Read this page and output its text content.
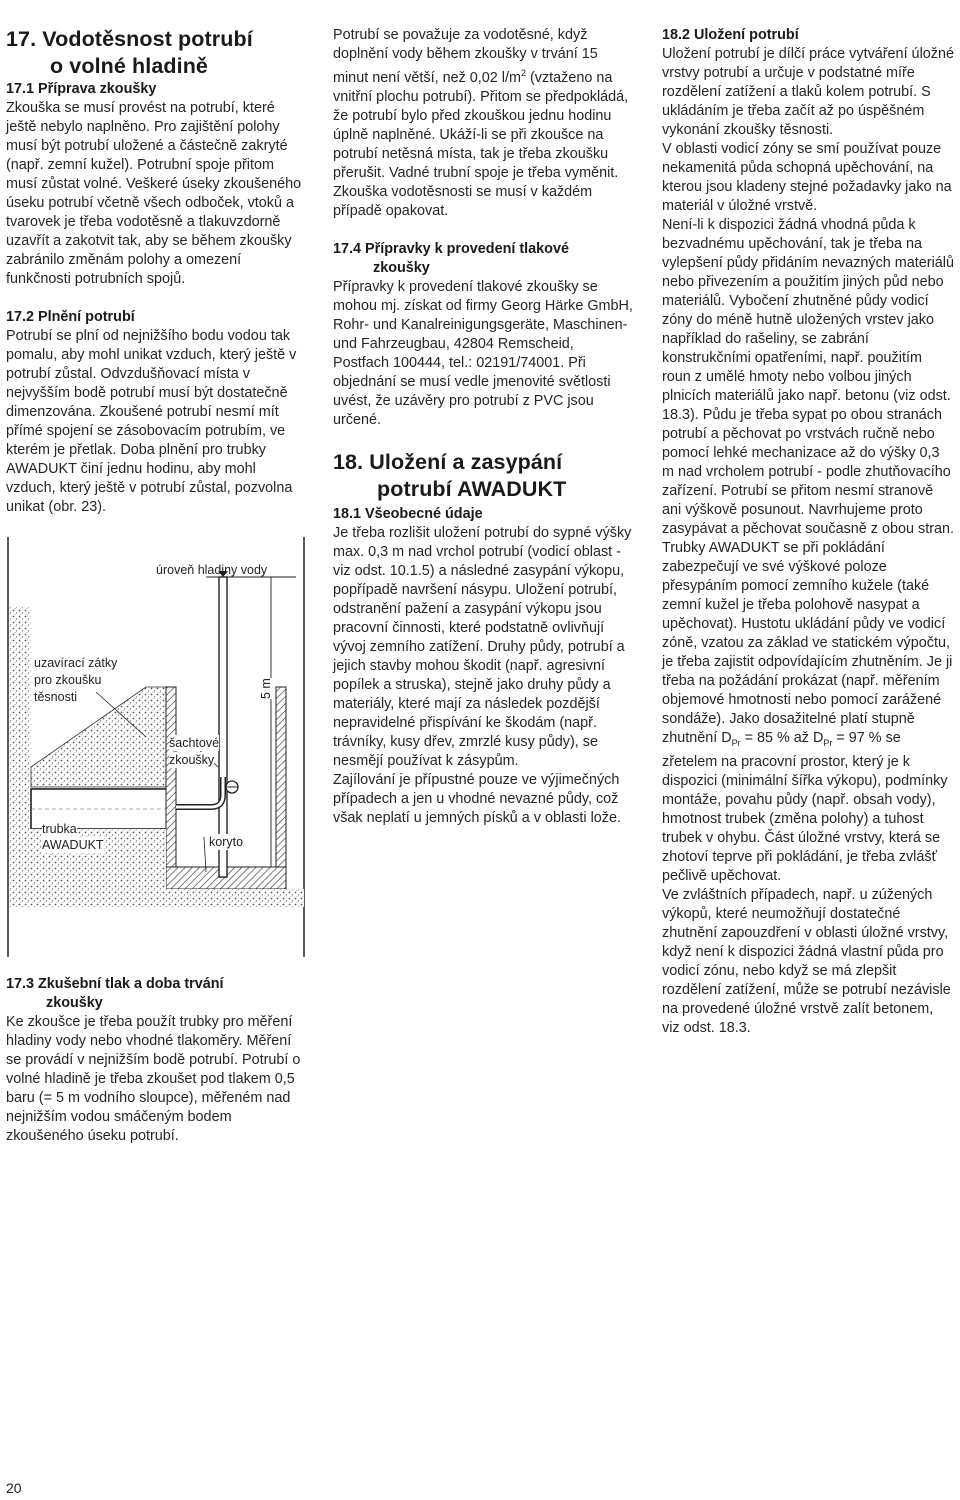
17. Vodotěsnost potrubí
o volné hladině
17.1 Příprava zkoušky

Zkouška se musí provést na potrubí, které ještě nebylo naplněno. Pro zajištění polohy musí být potrubí uložené a částečně zakryté (např. zemní kužel). Potrubní spoje přitom musí zůstat volné. Veškeré úseky zkoušeného úseku potrubí včetně všech odboček, vtoků a tvarovek je třeba vodotěsně a tlakuvzdorně uzavřít a zakotvit tak, aby se během zkoušky zabránilo změnám polohy a omezení funkčnosti potrubních spojů.

17.2 Plnění potrubí

Potrubí se plní od nejnižšího bodu vodou tak pomalu, aby mohl unikat vzduch, který ještě v potrubí zůstal. Odvzdušňovací místa v nejvyšším bodě potrubí musí být dostatečně dimenzována. Zkoušené potrubí nesmí mít přímé spojení se zásobovacím potrubím, ve kterém je přetlak. Doba plnění pro trubky AWADUKT činí jednu hodinu, aby mohl vzduch, který ještě v potrubí zůstal, pozvolna unikat (obr. 23).

úroveň hladiny vody
uzavírací zátky
pro zkoušku
těsnosti
šachtové
zkoušky
5 m
trubka
AWADUKT	koryto
17.3 Zkušební tlak a doba trvání
zkoušky

Ke zkoušce je třeba použít trubky pro měření hladiny vody nebo vhodné tlakoměry. Měření se provádí v nejnižším bodě potrubí. Potrubí o volné hladině je třeba zkoušet pod tlakem 0,5 baru (= 5 m vodního sloupce), měřeném nad nejnižším vodou smáčeným bodem zkoušeného úseku potrubí.

Potrubí se považuje za vodotěsné, když doplnění vody během zkoušky v trvání 15 minut není větší, než 0,02 $l/m^2$ (vztaženo na vnitřní plochu potrubí). Přitom se předpokládá, že potrubí bylo před zkouškou jednu hodinu úplně naplněné. Ukáží-li se při zkoušce na potrubí netěsná místa, tak je třeba zkoušku přerušit. Vadné trubní spoje je třeba vyměnit. Zkouška vodotěsnosti se musí v každém případě opakovat.

17.4 Přípravky k provedení tlakové
zkoušky

Přípravky k provedení tlakové zkoušky se mohou mj. získat od firmy Georg Härke GmbH, Rohr- und Kanalreinigungsgeräte, Maschinen- und Fahrzeugbau, 42804 Remscheid, Postfach 100444, tel.: 02191/74001. Při objednání se musí vedle jmenovité světlosti uvést, že uzávěry pro potrubí z PVC jsou určené.

18. Uložení a zasypání
potrubí AWADUKT
18.1 Všeobecné údaje

Je třeba rozlišit uložení potrubí do sypné výšky max. 0,3 m nad vrchol potrubí (vodicí oblast - viz odst. 10.1.5) a následné zasypání výkopu, popřípadě navršení násypu. Uložení potrubí, odstranění pažení a zasypání výkopu jsou pracovní činnosti, které podstatně ovlivňují vývoj zemního zatížení. Druhy půdy, potrubí a jejich stavby mohou škodit (např. agresivní popílek a struska), stejně jako druhy půdy a materiály, které mají za následek pozdější nepravidelné přispívání ke škodám (např. trávníky, kusy dřev, zmrzlé kusy půdy), se nesmějí používat k zásypům.

Zajílování je přípustné pouze ve výjimečných případech a jen u vhodné nevazné půdy, což však neplatí u jemných písků a v oblasti lože.

18.2 Uložení potrubí

Uložení potrubí je dílčí práce vytváření úložné vrstvy potrubí a určuje v podstatné míře rozdělení zatížení a tlaků kolem potrubí. S ukládáním je třeba začít až po úspěšném vykonání zkoušky těsnosti.

V oblasti vodicí zóny se smí používat pouze nekamenitá půda schopná upěchování, na kterou jsou kladeny stejné požadavky jako na materiál v úložné vrstvě.

Není-li k dispozici žádná vhodná půda k bezvadnému upěchování, tak je třeba na vylepšení půdy přidáním nevazných materiálů nebo přivezením a použitím jiných půd nebo materiálů. Vybočení zhutněné půdy vodicí zóny do méně hutně uložených vrstev jako například do rašeliny, se zabrání konstrukčními opatřeními, např. použitím roun z umělé hmoty nebo volbou jiných plnicích materiálů jako např. betonu (viz odst. 18.3). Půdu je třeba sypat po obou stranách potrubí a pěchovat po vrstvách ručně nebo pomocí lehké mechanizace až do výšky 0,3 m nad vrcholem potrubí - podle zhutňovacího zařízení. Potrubí se přitom nesmí stranově ani výškově posunout. Navrhujeme proto zasypávat a pěchovat současně z obou stran. Trubky AWADUKT se při pokládání zabezpečují ve své výškové poloze přesypáním pomocí zemního kužele (také zemní kužel je třeba polohově nasypat a upěchovat). Hustotu ukládání půdy ve vodicí zóně, vzatou za základ ve statickém výpočtu, je třeba zajistit odpovídajícím zhutněním. Je ji třeba na požádání prokázat (např. měřením objemové hmotnosti nebo pomocí zarážené sondáže). Jako dosažitelné platí stupně zhutnění $D_{Pr} = 85$ % až $D_{Pr} = 97$ % se zřetelem na pracovní prostor, který je k dispozici (minimální šířka výkopu), podmínky montáže, povahu půdy (např. obsah vody), hmotnost trubek (změna polohy) a tuhost trubek v ohybu. Část úložné vrstvy, která se zhotoví teprve při pokládání, je třeba zvlášť pečlivě upěchovat.

Ve zvláštních případech, např. u zúžených výkopů, které neumožňují dostatečné zhutnění zapouzdření v oblasti úložné vrstvy, když není k dispozici žádná vlastní půda pro vodicí zónu, nebo když se má zlepšit rozdělení zatížení, může se potrubí nezávisle na provedené úložné vrstvě zalít betonem, viz odst. 18.3.

20
